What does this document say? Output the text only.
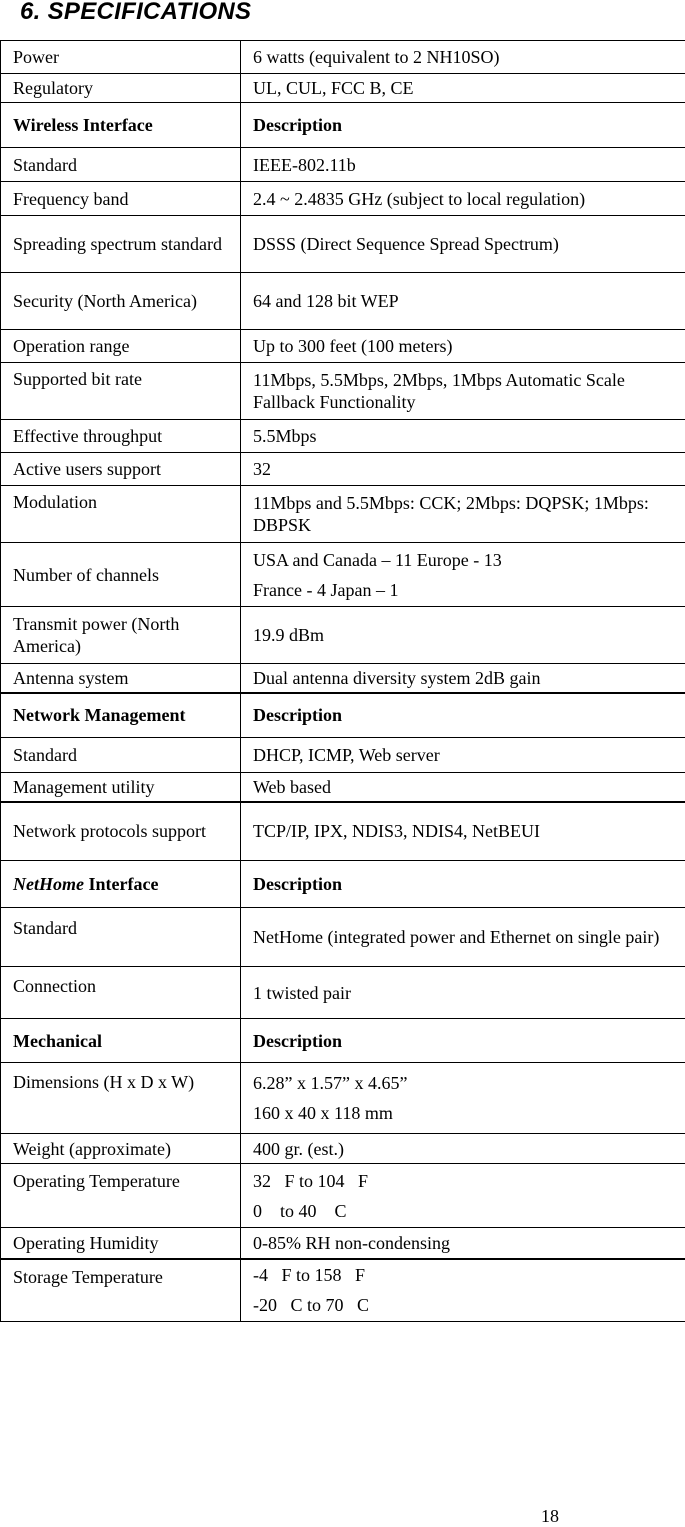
6. SPECIFICATIONS
Power	6 watts (equivalent to 2 NH10SO)
Regulatory	UL, CUL, FCC B, CE
Wireless Interface	Description
Standard	IEEE-802.11b
Frequency band	2.4 ~ 2.4835 GHz (subject to local regulation)
Spreading spectrum standard	DSSS (Direct Sequence Spread Spectrum)
Security (North America)	64 and 128 bit WEP
Operation range	Up to 300 feet (100 meters)
Supported bit rate	11Mbps, 5.5Mbps, 2Mbps, 1Mbps Automatic Scale Fallback Functionality
Effective throughput	5.5Mbps
Active users support	32
Modulation	11Mbps and 5.5Mbps: CCK; 2Mbps: DQPSK; 1Mbps: DBPSK
Number of channels	USA and Canada – 11 Europe - 13
France - 4 Japan – 1

Transmit power (North America)	19.9 dBm
Antenna system	Dual antenna diversity system 2dB gain
Network Management	Description
Standard	DHCP, ICMP, Web server
Management utility	Web based
Network protocols support	TCP/IP, IPX, NDIS3, NDIS4, NetBEUI
NetHome Interface	Description
Standard	NetHome (integrated power and Ethernet on single pair)
Connection	1 twisted pair
Mechanical	Description
Dimensions (H x D x W)	6.28” x 1.57” x 4.65”
160 x 40 x 118 mm

Weight (approximate)	400 gr. (est.)
Operating Temperature	32   F to 104   F
0    to 40    C

Operating Humidity	0-85% RH non-condensing
Storage Temperature	-4   F to 158   F
-20   C to 70   C
18
